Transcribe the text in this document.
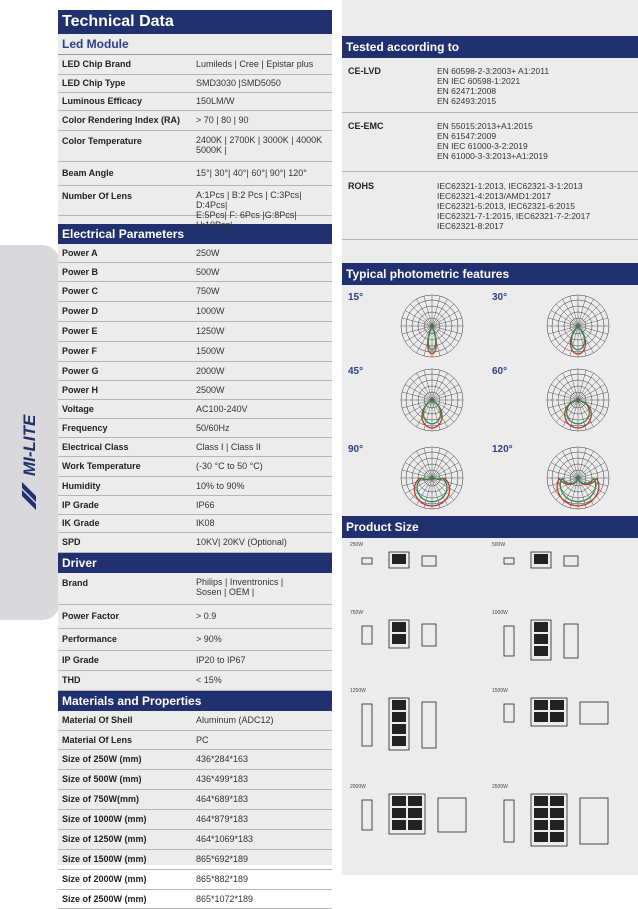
MI-LITE
Technical Data
Led Module
LED Chip Brand	Lumileds | Cree | Epistar plus
LED Chip Type	SMD3030 |SMD5050
Luminous Efficacy	150LM/W
Color Rendering Index (RA)	> 70 | 80 | 90
Color Temperature	2400K | 2700K | 3000K | 4000K
5000K |
Beam Angle	15°| 30°| 40°| 60°| 90°| 120°
Number Of Lens	A:1Pcs | B:2 Pcs | C:3Pcs| D:4Pcs|
E:5Pcs| F: 6Pcs |G:8Pcs| H:10Pcs|
Electrical Parameters
Power A	250W
Power B	500W
Power C	750W
Power D	1000W
Power E	1250W
Power F	1500W
Power G	2000W
Power H	2500W
Voltage	AC100-240V
Frequency	50/60Hz
Electrical Class	Class I | Class II
Work Temperature	(-30 °C to 50 °C)
Humidity	10% to 90%
IP Grade	IP66
IK Grade	IK08
SPD	10KV| 20KV (Optional)
Driver
Brand	Philips | Inventronics |
Sosen | OEM |
Power Factor	> 0.9
Performance	> 90%
IP Grade	IP20 to IP67
THD	< 15%
Materials and Properties
Material Of Shell	Aluminum (ADC12)
Material Of Lens	PC
Size of 250W (mm)	436*284*163
Size of 500W (mm)	436*499*183
Size of 750W(mm)	464*689*183
Size of 1000W (mm)	464*879*183
Size of 1250W (mm)	464*1069*183
Size of 1500W (mm)	865*692*189
Size of 2000W (mm)	865*882*189
Size of 2500W (mm)	865*1072*189
Tested according to
CE-LVD	EN 60598-2-3:2003+ A1:2011
EN IEC 60598-1:2021
EN 62471:2008
EN 62493:2015
CE-EMC	EN 55015:2013+A1:2015
EN 61547:2009
EN IEC 61000-3-2:2019
EN 61000-3-3:2013+A1:2019
ROHS	IEC62321-1:2013, IEC62321-3-1:2013
IEC62321-4:2013/AMD1:2017
IEC62321-5:2013, IEC62321-6:2015
IEC62321-7-1:2015, IEC62321-7-2:2017
IEC62321-8:2017
Typical photometric features
15°	30°
45°	60°
90°	120°
Product Size
250W	500W
750W	1000W
1250W	1500W
2000W	2500W
